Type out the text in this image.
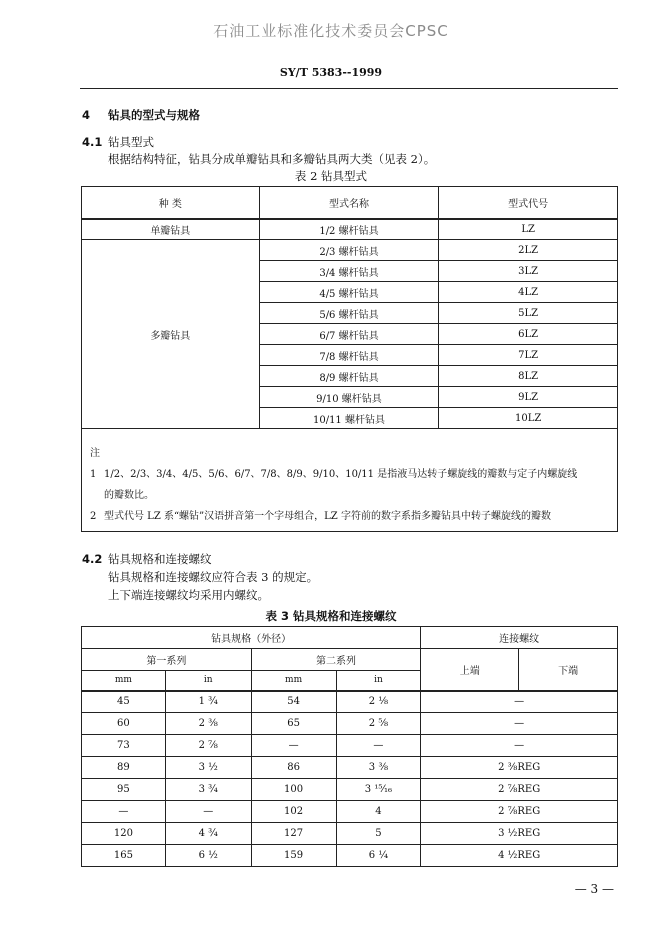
石油工业标准化技术委员会CPSC
SY/T 5383--1999
4 钻具的型式与规格
4.1 钻具型式
根据结构特征，钻具分成单瓣钻具和多瓣钻具两大类（见表 2）。
表 2 钻具型式
种 类	型式名称	型式代号
单瓣钻具	1/2 螺杆钻具	LZ
多瓣钻具	2/3 螺杆钻具	2LZ
	3/4 螺杆钻具	3LZ
	4/5 螺杆钻具	4LZ
	5/6 螺杆钻具	5LZ
	6/7 螺杆钻具	6LZ
	7/8 螺杆钻具	7LZ
	8/9 螺杆钻具	8LZ
	9/10 螺杆钻具	9LZ
	10/11 螺杆钻具	10LZ

注
1 1/2、2/3、3/4、4/5、5/6、6/7、7/8、8/9、9/10、10/11 是指液马达转子螺旋线的瓣数与定子内螺旋线
的瓣数比。
2 型式代号 LZ 系“螺钻”汉语拼音第一个字母组合，LZ 字符前的数字系指多瓣钻具中转子螺旋线的瓣数		
4.2 钻具规格和连接螺纹
钻具规格和连接螺纹应符合表 3 的规定。
上下端连接螺纹均采用内螺纹。
表 3 钻具规格和连接螺纹
钻具规格（外径）				连接螺纹	
第一系列		第二系列		上端	下端
mm	in	mm	in		
45	1 ¾	54	2 ⅛	—	
60	2 ⅜	65	2 ⅝	—	
73	2 ⅞	—	—	—	
89	3 ½	86	3 ⅜	2 ⅜REG	
95	3 ¾	100	3 ¹⁵⁄₁₆	2 ⅞REG	
—	—	102	4	2 ⅞REG	
120	4 ¾	127	5	3 ½REG	
165	6 ½	159	6 ¼	4 ½REG	
— 3 —
